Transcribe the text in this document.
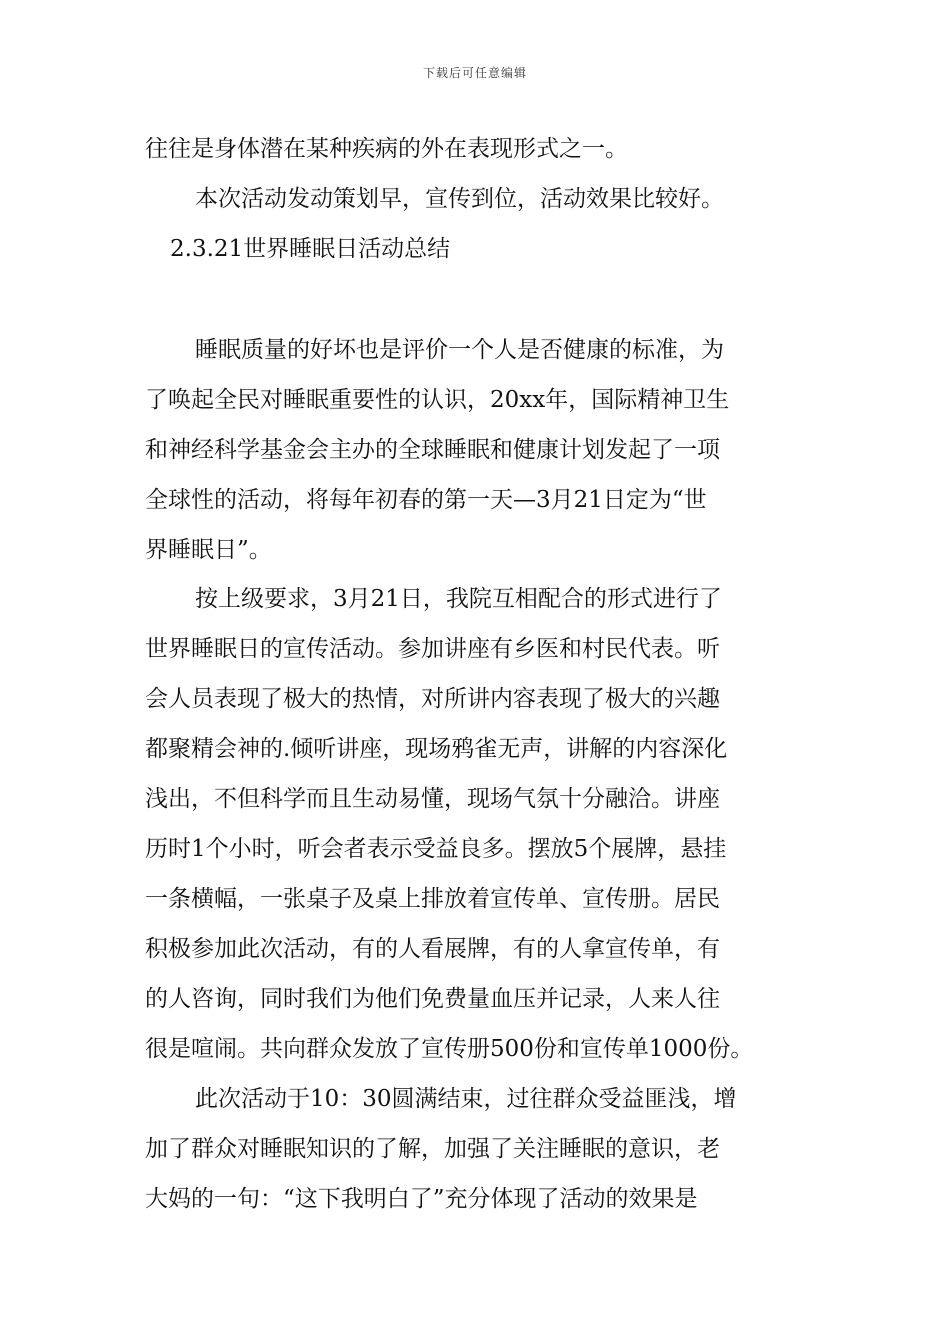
下载后可任意编辑
往往是身体潜在某种疾病的外在表现形式之一。
本次活动发动策划早，宣传到位，活动效果比较好。
2.3.21世界睡眠日活动总结
睡眠质量的好坏也是评价一个人是否健康的标准，为
了唤起全民对睡眠重要性的认识，20xx年，国际精神卫生
和神经科学基金会主办的全球睡眠和健康计划发起了一项
全球性的活动，将每年初春的第一天—3月21日定为“世
界睡眠日”。
按上级要求，3月21日，我院互相配合的形式进行了
世界睡眠日的宣传活动。参加讲座有乡医和村民代表。听
会人员表现了极大的热情，对所讲内容表现了极大的兴趣
都聚精会神的.倾听讲座，现场鸦雀无声，讲解的内容深化
浅出，不但科学而且生动易懂，现场气氛十分融洽。讲座
历时1个小时，听会者表示受益良多。摆放5个展牌，悬挂
一条横幅，一张桌子及桌上排放着宣传单、宣传册。居民
积极参加此次活动，有的人看展牌，有的人拿宣传单，有
的人咨询，同时我们为他们免费量血压并记录，人来人往
很是喧闹。共向群众发放了宣传册500份和宣传单1000份。
此次活动于10：30圆满结束，过往群众受益匪浅，增
加了群众对睡眠知识的了解，加强了关注睡眠的意识，老
大妈的一句：“这下我明白了”充分体现了活动的效果是
